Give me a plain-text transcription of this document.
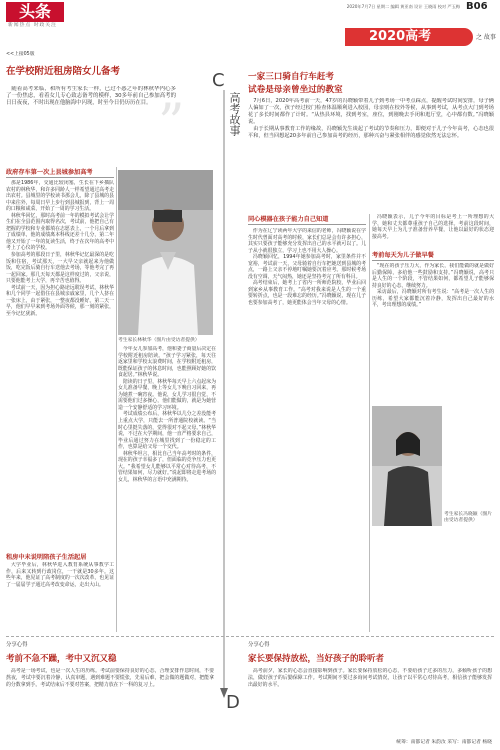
头条
新闻热点 时政关注
2020年7月7日 星期二 编辑 黄亚南 设计 王晓雨 校对 严玉梅 B06
2020高考	之 故事
<<上接05版
在学校附近租房陪女儿备考

随着高考来临，和所有考生家长一样，已过不惑之年的林秋华内心多了一份焦虑，看着女儿专心致志备考的模样，30多年前自己参加高考的日日夜夜，不时出现在他脑海中闪现，时至今日仍历历在目。

C
高考故事
”
一家三口骑自行车赶考
试卷是母亲曾坐过的教室

7月6日，2020年高考前一天，47岁的冯晓颖带着儿子到考场一中考点踩点，提醒考试时间安排，母子俩人偏如了一次，孩子经过校门检查体温顺利进入校园，母亲则在校外等候，从事到考试，从考点大门到考场花了多长时间都作了计时。“从热县环境，找到考室，座位，到刚晚去手闭和逛厅堂，心中都有数。”冯晓颖说。

由于长期从事教育工作的缘故，冯晓颖先生谈起了考试的节奏和压力，即便对于儿子今年高考，心态也很平和，但当回想起20多年前自己参加高考的经历，那种兴奋与紧张相伴的感觉依然无法忘怀。

考生家长林秋华（图片由受访者提供）
政府存车第一次上县城参加高考

那是1986年，交通比较闭塞，生长在下乡插队农村的林秋华，和许多同龄人一样希望通过高考走出农村。县城里的学校读书那会儿，除了县城的县中来往外，每周日早上步行到县城报到，背上一周的口粮和咸菜，开始了一周的学习生活。

林秋华回忆，那时高考前一年的模拟考试会让学生们在全县范围内取得名次，考试前，他把自己有把握的学校和专业都填在志愿表上，一个月后拿到了成绩单，他的成绩离本科线还差十几分，第二年他又开始了一年的复读生活，终于在次年的高考中考上了心仪的学校。

参加高考的那段日子里，林秋华记忆最深的是吃饭和住宿，考试那天，一大早父亲就起来为他做饭，吃完饭后骑自行车送他去考场，等他考完了再一起回家。那几天每天都是这样度过的，父亲说，只要他能考上大学，再辛苦也值得。

考试前一天，因为担心路途远耽误考试，林秋华和几个同学一起借住在县城亲戚家里，几个人挤在一张床上，由于紧张，一整夜都没睡好。第二天一早，他们早早来到考场外面等候，那一刻的紧张，至今记忆犹新。

租房中未说明陪孩子生活起居

大学毕业后，林秋华进入教育系统从事教学工作，后来又转到行政岗位，一干就是30多年。这些年来，他见证了高考制度的一次次改革，也见证了一届届学子通过高考改变命运，走出大山。

今年女儿参加高考，他和妻子商量后决定在学校附近租房陪读。“孩子学习紧张，每天往返家里和学校太浪费时间，在学校附近租房，既能保证孩子的休息时间，也能照顾好她的饮食起居。”林秋华说。

陪读的日子里，林秋华每天早上六点起床为女儿准备早餐，晚上等女儿下晚自习回来，再为她煮一碗宵夜。他说，女儿学习很自觉，不需要他们过多操心，他们能做的，就是为她营造一个安静舒适的学习环境。

考试成绩公布后，林秋华以几分之差没能考上重点大学，只能去一所普通院校就读。“当时心里挺失落的，觉得很对不起父母。”林秋华说，不过在大学期间，他一直严格要求自己，毕业后通过努力在城里找到了一份稳定的工作，也算是给父母一个交代。

林秋华坦言，相比自己当年高考时的条件，现在的孩子幸福多了，但面临的竞争压力也更大。“我希望女儿能够以平常心对待高考，不管结果如何，尽力就好。”说起即将走进考场的女儿，林秋华的言语中充满期待。

同心模器在孩子能力自己知道

作为在辽宁读两年大学的来信的老师，冯晓颖说在学生时代曾面对高考的时候，家长们总是会有许多担心，其实只要孩子能够充分发挥出自己的水平就可以了。儿子从小就很独立，学习上也不用大人操心。

冯晓颖回忆，1994年她参加高考时，家里条件并不宽裕，考试前一天，父母骑着自行车把她送到县城的考点，一路上父亲不停地叮嘱她要沉着应考。那时候考场没有空调，天气闷热，她还是坚持考完了所有科目。

高考结束后，她考上了省内一所师范院校，毕业后回到家乡从事教育工作。“高考对我来说是人生的一个重要转折点，也是一段难忘的经历。”冯晓颖说，现在儿子也要参加高考了，她更能体会当年父母的心情。

冯晓颖表示，儿子今年的目标是考上一所理想的大学，她和丈夫都尊重孩子自己的选择。考前这段时间，她每天早上为儿子准备营养早餐，让他以最好的状态迎接高考。

考前每天为儿子做早餐

“现在的孩子压力大，作为家长，我们能做的就是做好后勤保障，多给他一些鼓励和支持。”冯晓颖说，高考只是人生的一个阶段，不管结果如何，都希望儿子能够保持良好的心态，继续努力。

采访最后，冯晓颖对所有考生说：“高考是一次人生的历练，希望大家都能沉着冷静，发挥出自己最好的水平，考出理想的成绩。”

考生家长冯晓颖（图片由受访者提供）
分享心得
考前不急不躁，考中又沉又稳

高考是一场考试，也是一次人生的历练。考试前要保持良好的心态，合理安排作息时间，不要熬夜，考试中要沉着冷静，认真审题，遇到难题不要慌张，先易后难，把会做的题做对，把能拿的分数拿到手。考试结束后不要对答案，把精力放在下一科的复习上。

D
分享心得
家长要保持放松，当好孩子的聆听者

高考前夕，家长的心态会直接影响到孩子。家长要保持放松的心态，不要给孩子过多的压力，多倾听孩子的想法，做好孩子的后勤保障工作。考试期间不要过多询问考试情况，让孩子以平常心对待高考，相信孩子能够发挥出最好的水平。

统筹：南都记者 朱韵汝 采写：南都记者 杨晓
